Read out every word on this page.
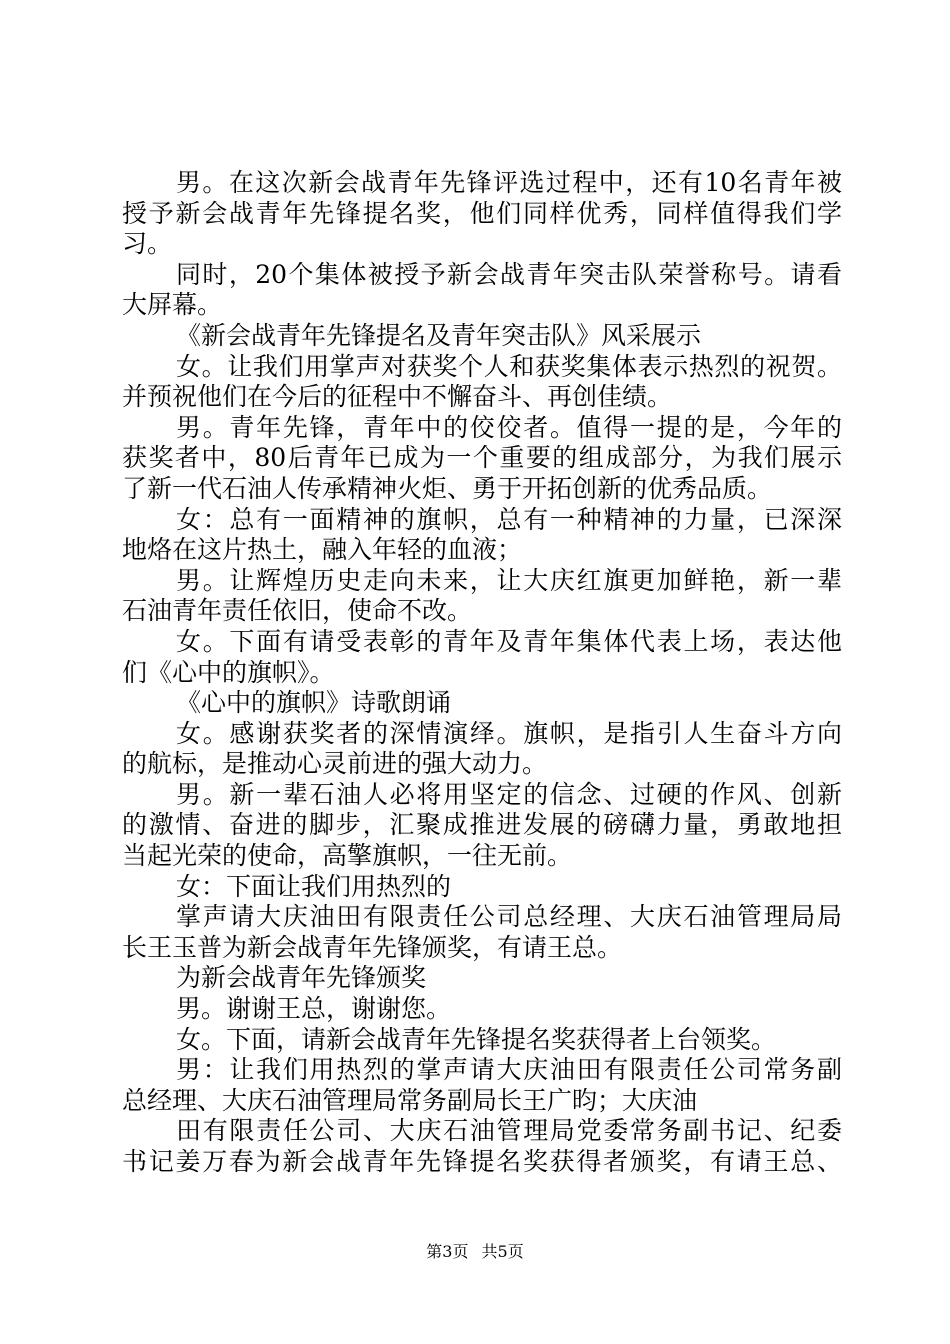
男。在这次新会战青年先锋评选过程中，还有10名青年被
授予新会战青年先锋提名奖，他们同样优秀，同样值得我们学
习。
同时，20个集体被授予新会战青年突击队荣誉称号。请看
大屏幕。
《新会战青年先锋提名及青年突击队》风采展示
女。让我们用掌声对获奖个人和获奖集体表示热烈的祝贺。
并预祝他们在今后的征程中不懈奋斗、再创佳绩。
男。青年先锋，青年中的佼佼者。值得一提的是，今年的
获奖者中，80后青年已成为一个重要的组成部分，为我们展示
了新一代石油人传承精神火炬、勇于开拓创新的优秀品质。
女：总有一面精神的旗帜，总有一种精神的力量，已深深
地烙在这片热土，融入年轻的血液；
男。让辉煌历史走向未来，让大庆红旗更加鲜艳，新一辈
石油青年责任依旧，使命不改。
女。下面有请受表彰的青年及青年集体代表上场，表达他
们《心中的旗帜》。
《心中的旗帜》诗歌朗诵
女。感谢获奖者的深情演绎。旗帜，是指引人生奋斗方向
的航标，是推动心灵前进的强大动力。
男。新一辈石油人必将用坚定的信念、过硬的作风、创新
的激情、奋进的脚步，汇聚成推进发展的磅礴力量，勇敢地担
当起光荣的使命，高擎旗帜，一往无前。
女：下面让我们用热烈的
掌声请大庆油田有限责任公司总经理、大庆石油管理局局
长王玉普为新会战青年先锋颁奖，有请王总。
为新会战青年先锋颁奖
男。谢谢王总，谢谢您。
女。下面，请新会战青年先锋提名奖获得者上台领奖。
男：让我们用热烈的掌声请大庆油田有限责任公司常务副
总经理、大庆石油管理局常务副局长王广昀；大庆油
田有限责任公司、大庆石油管理局党委常务副书记、纪委
书记姜万春为新会战青年先锋提名奖获得者颁奖，有请王总、
第3页 共5页
